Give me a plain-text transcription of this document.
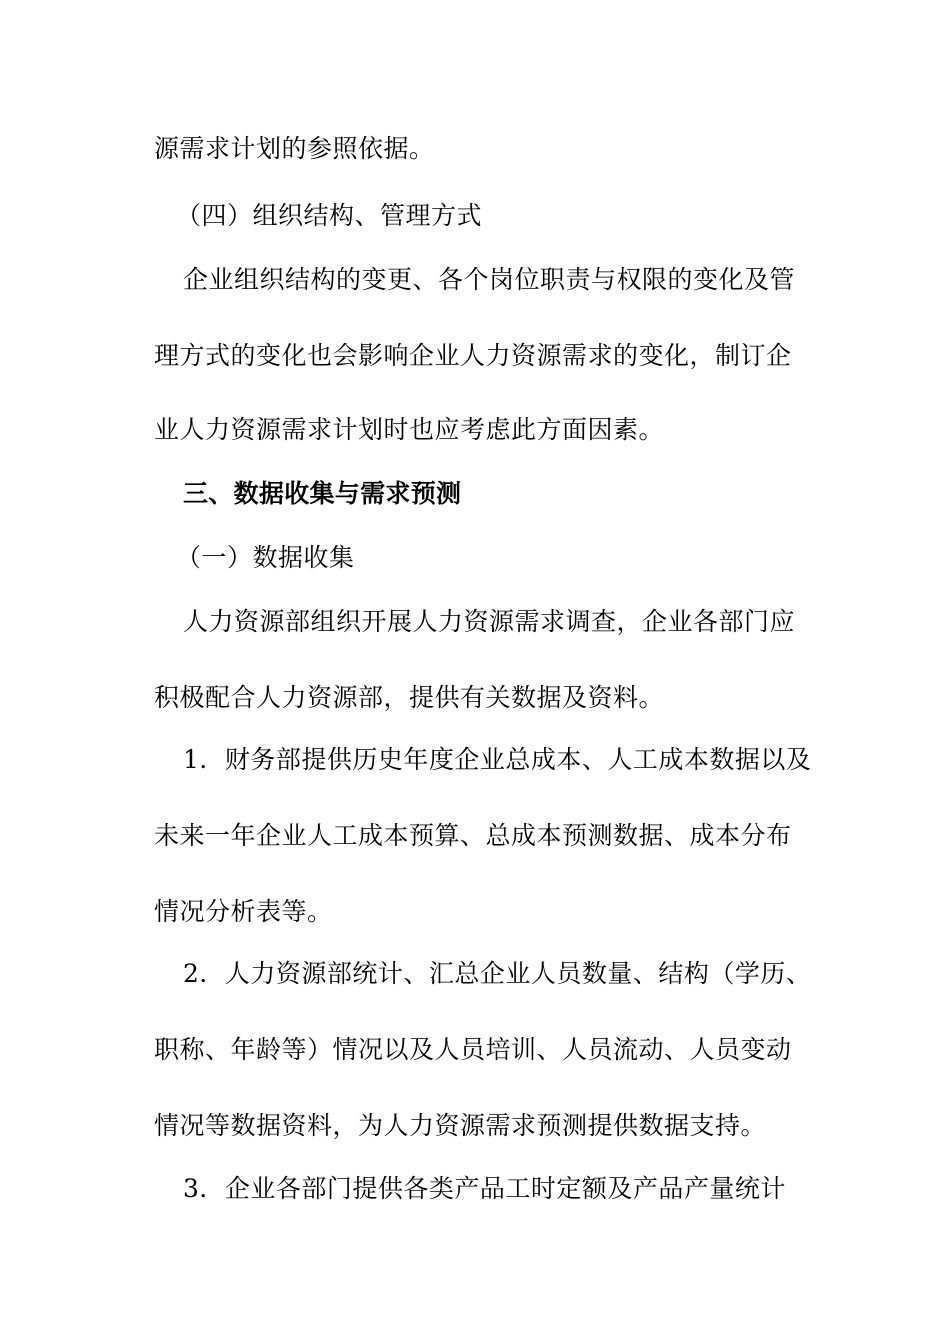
源需求计划的参照依据。
（四）组织结构、管理方式
企业组织结构的变更、各个岗位职责与权限的变化及管
理方式的变化也会影响企业人力资源需求的变化，制订企
业人力资源需求计划时也应考虑此方面因素。
三、数据收集与需求预测
（一）数据收集
人力资源部组织开展人力资源需求调查，企业各部门应
积极配合人力资源部，提供有关数据及资料。
1．财务部提供历史年度企业总成本、人工成本数据以及
未来一年企业人工成本预算、总成本预测数据、成本分布
情况分析表等。
2．人力资源部统计、汇总企业人员数量、结构（学历、
职称、年龄等）情况以及人员培训、人员流动、人员变动
情况等数据资料，为人力资源需求预测提供数据支持。
3．企业各部门提供各类产品工时定额及产品产量统计
